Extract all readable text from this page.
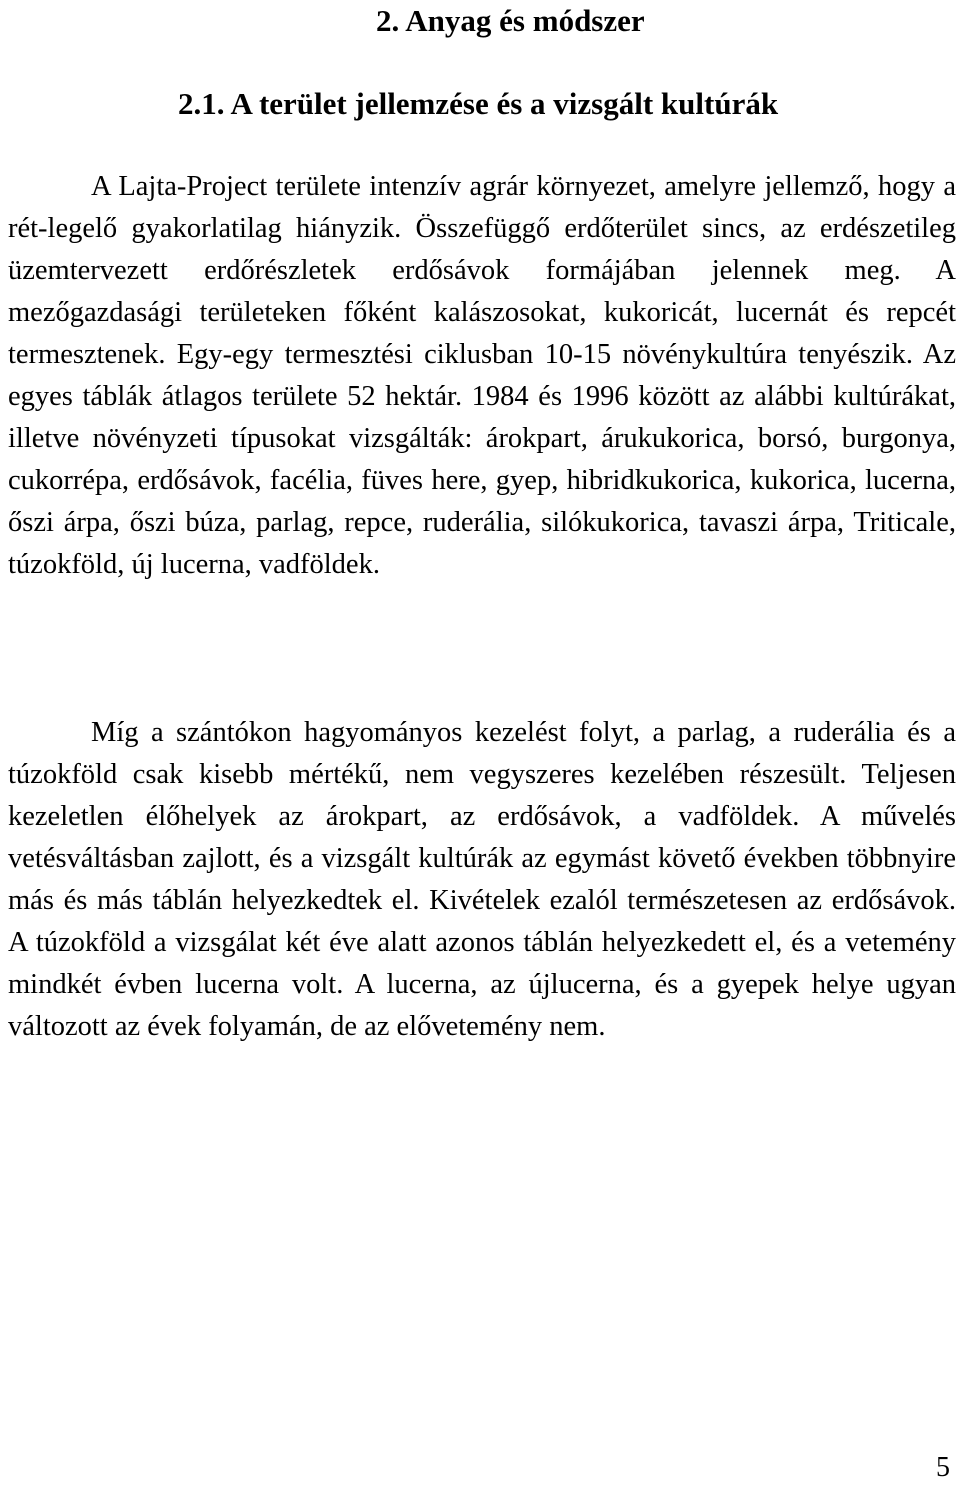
2. Anyag és módszer
2.1. A terület jellemzése és a vizsgált kultúrák

A Lajta-Project területe intenzív agrár környezet, amelyre jellemző, hogy a rét-legelő gyakorlatilag hiányzik. Összefüggő erdőterület sincs, az erdészetileg üzemtervezett erdőrészletek erdősávok formájában jelennek meg. A mezőgazdasági területeken főként kalászosokat, kukoricát, lucernát és repcét termesztenek. Egy-egy termesztési ciklusban 10-15 növénykultúra tenyészik. Az egyes táblák átlagos területe 52 hektár. 1984 és 1996 között az alábbi kultúrákat, illetve növényzeti típusokat vizsgálták: árokpart, árukukorica, borsó, burgonya, cukorrépa, erdősávok, facélia, füves here, gyep, hibridkukorica, kukorica, lucerna, őszi árpa, őszi búza, parlag, repce, ruderália, silókukorica, tavaszi árpa, Triticale, túzokföld, új lucerna, vadföldek.

Míg a szántókon hagyományos kezelést folyt, a parlag, a ruderália és a túzokföld csak kisebb mértékű, nem vegyszeres kezelében részesült. Teljesen kezeletlen élőhelyek az árokpart, az erdősávok, a vadföldek. A művelés vetésváltásban zajlott, és a vizsgált kultúrák az egymást követő években többnyire más és más táblán helyezkedtek el. Kivételek ezalól természetesen az erdősávok. A túzokföld a vizsgálat két éve alatt azonos táblán helyezkedett el, és a vetemény mindkét évben lucerna volt. A lucerna, az újlucerna, és a gyepek helye ugyan változott az évek folyamán, de az elővetemény nem.

5
